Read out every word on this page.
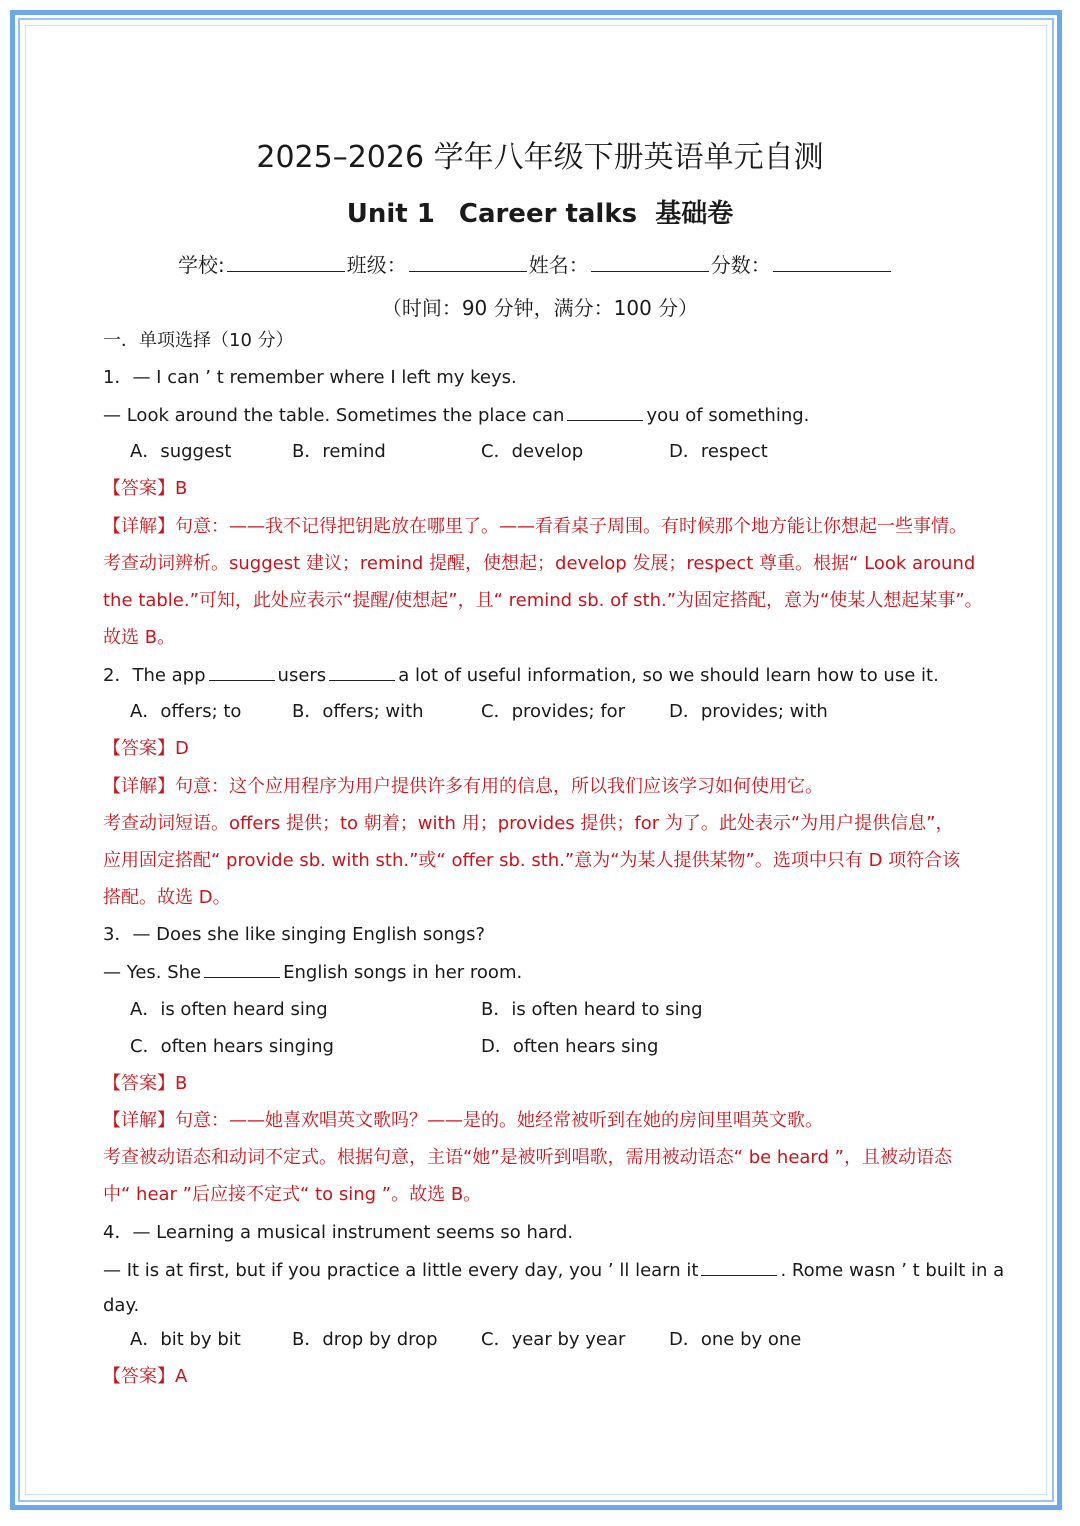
2025–2026 学年八年级下册英语单元自测
Unit 1 Career talks 基础卷
学校:	班级：	姓名：	分数：
（时间：90 分钟，满分：100 分）
一．单项选择（10 分）
1．— I can ’ t remember where I left my keys.
— Look around the table. Sometimes the place can	you of something.
A．suggest	B．remind	C．develop	D．respect
【答案】B
【详解】句意：——我不记得把钥匙放在哪里了。——看看桌子周围。有时候那个地方能让你想起一些事情。
考查动词辨析。suggest 建议；remind 提醒，使想起；develop 发展；respect 尊重。根据“ Look around
the table.”可知，此处应表示“提醒/使想起”，且“ remind sb. of sth.”为固定搭配，意为“使某人想起某事”。
故选 B。
2．The app	users	a lot of useful information, so we should learn how to use it.
A．offers; to	B．offers; with	C．provides; for D．provides; with
【答案】D
【详解】句意：这个应用程序为用户提供许多有用的信息，所以我们应该学习如何使用它。
考查动词短语。offers 提供；to 朝着；with 用；provides 提供；for 为了。此处表示“为用户提供信息”，
应用固定搭配“ provide sb. with sth.”或“ offer sb. sth.”意为“为某人提供某物”。选项中只有 D 项符合该
搭配。故选 D。
3．— Does she like singing English songs?
— Yes. She	English songs in her room.
A．is often heard sing	B．is often heard to sing
C．often hears singing	D．often hears sing
【答案】B
【详解】句意：——她喜欢唱英文歌吗？——是的。她经常被听到在她的房间里唱英文歌。
考查被动语态和动词不定式。根据句意，主语“她”是被听到唱歌，需用被动语态“ be heard ”，且被动语态
中“ hear ”后应接不定式“ to sing ”。故选 B。
4．— Learning a musical instrument seems so hard.
— It is at first, but if you practice a little every day, you ’ ll learn it	. Rome wasn ’ t built in a
day.
A．bit by bit	B．drop by drop C．year by year D．one by one
【答案】A
